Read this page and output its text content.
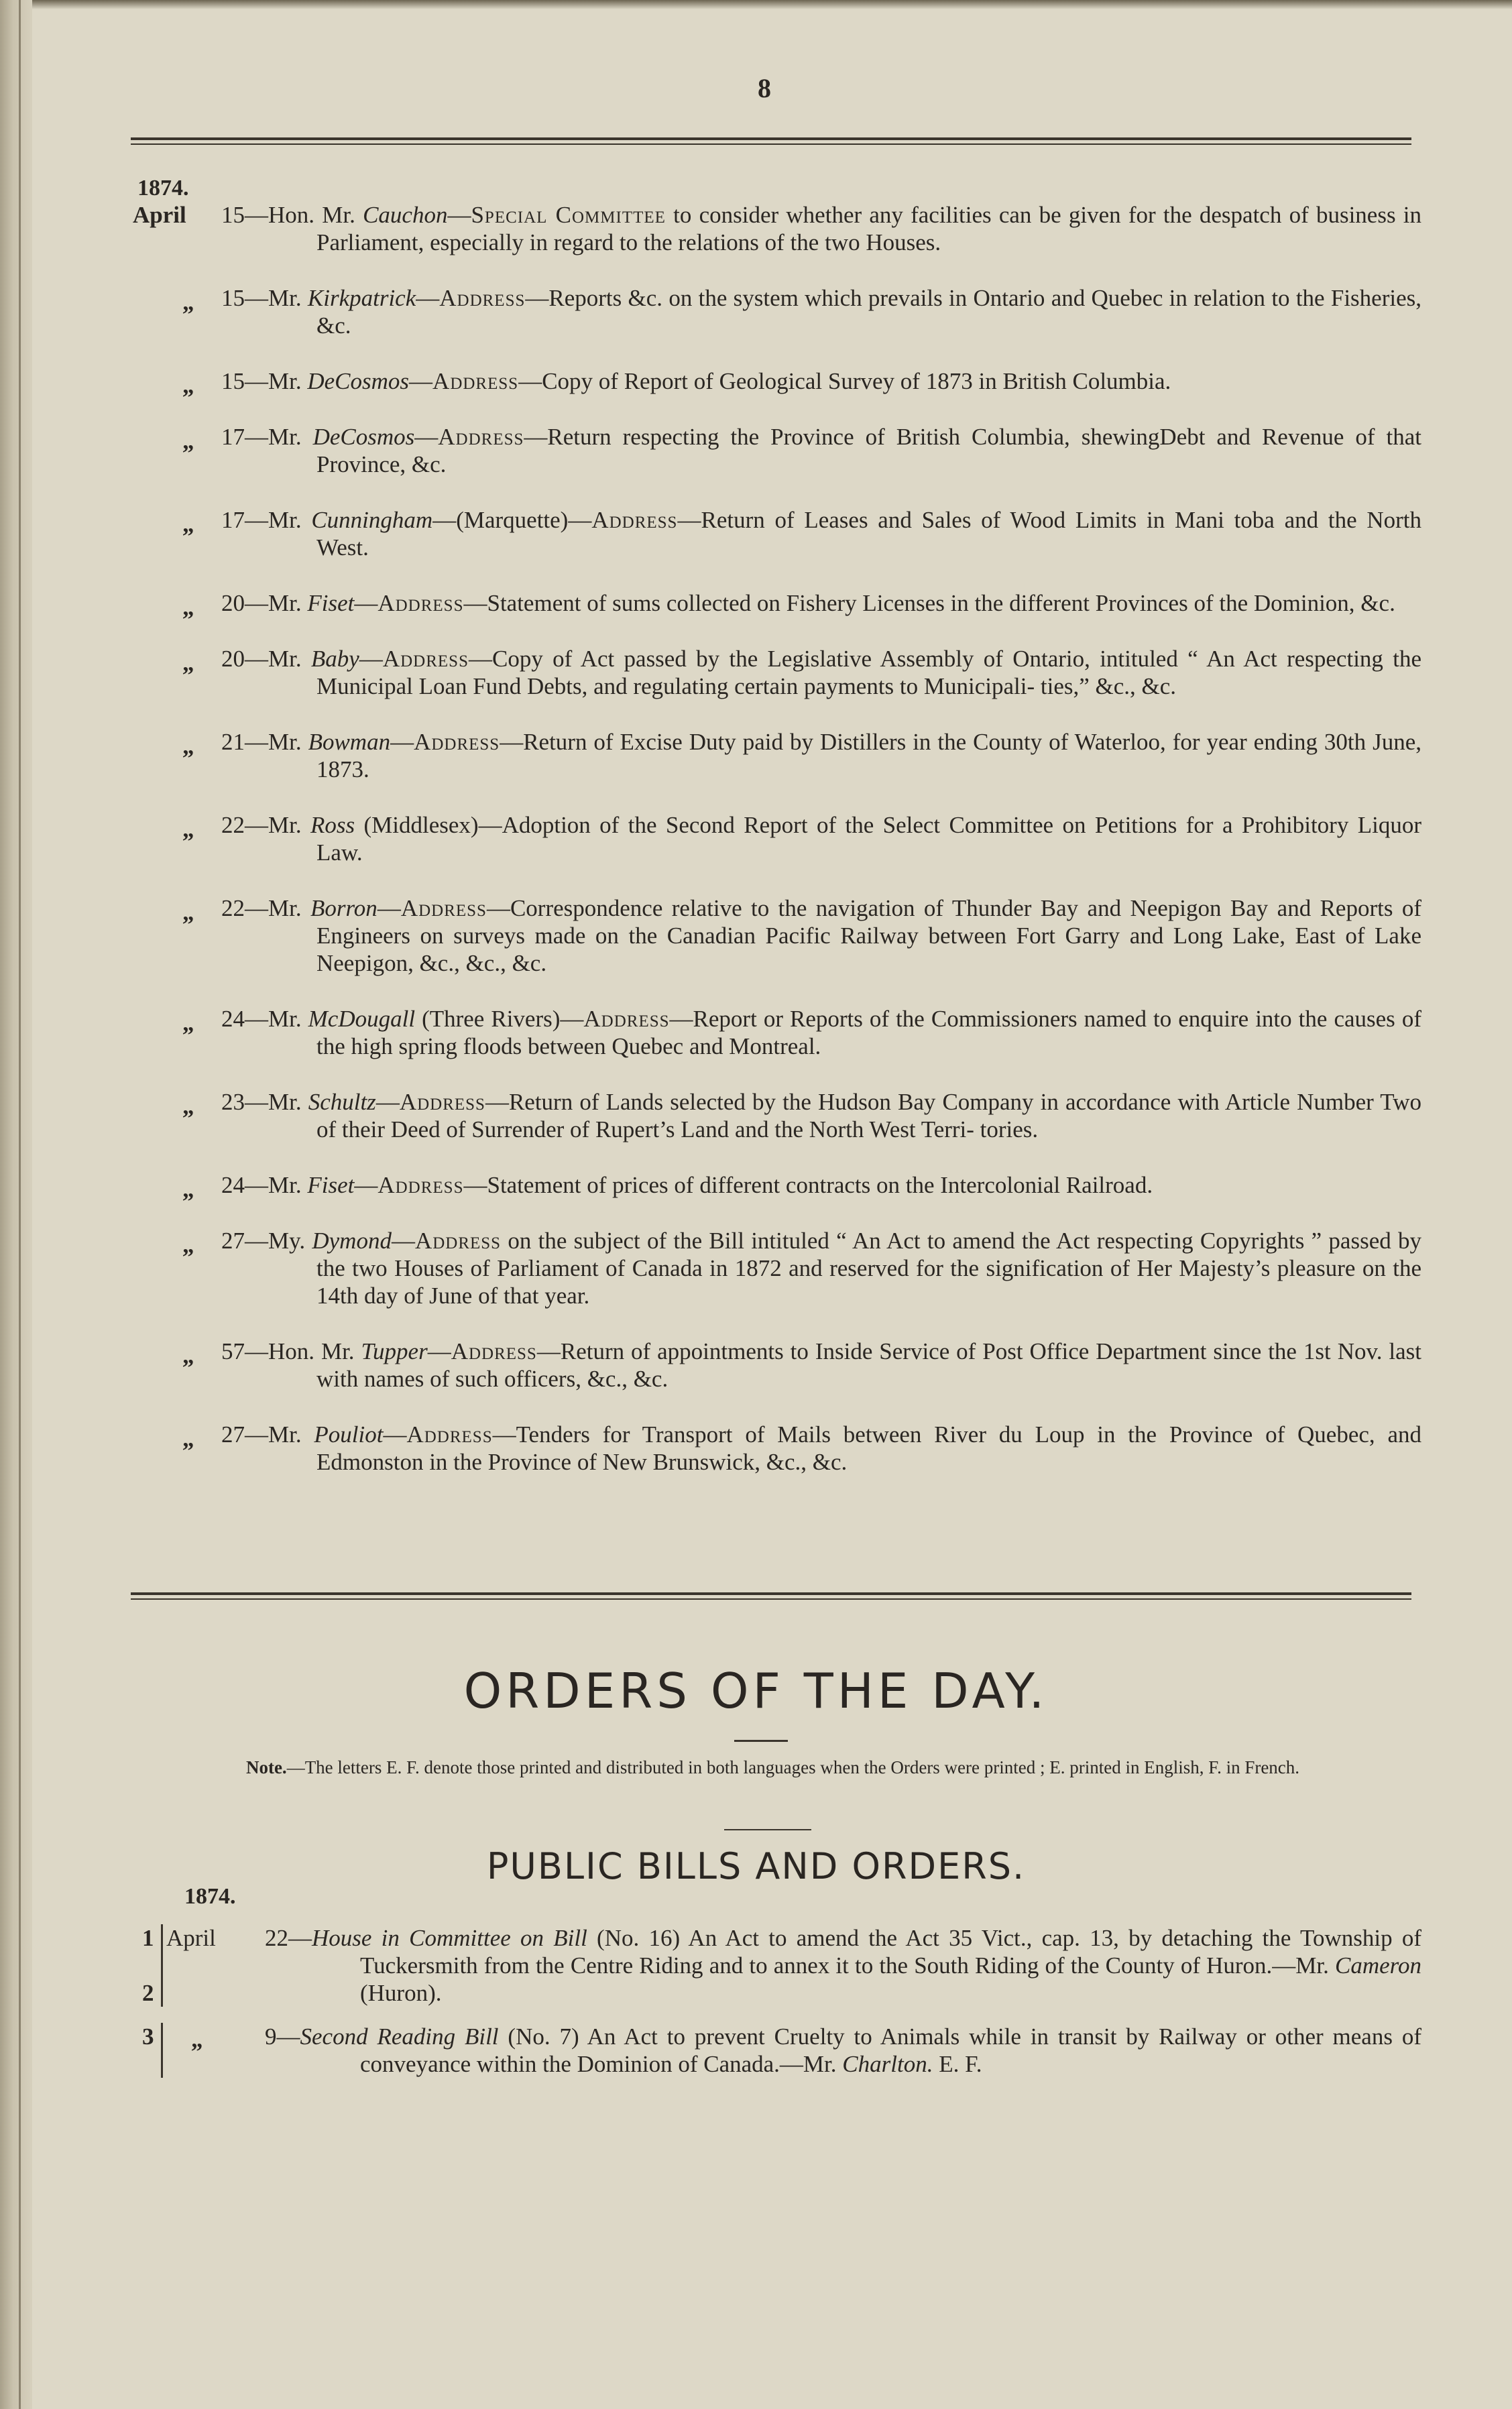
8
1874.
April 15—Hon. Mr. Cauchon—Special Committee to consider whether any facilities can be given for the despatch of business in Parliament, especially in regard to the relations of the two Houses.
„ 15—Mr. Kirkpatrick—Address—Reports &c. on the system which prevails in Ontario and Quebec in relation to the Fisheries, &c.
„ 15—Mr. DeCosmos—Address—Copy of Report of Geological Survey of 1873 in British Columbia.
„ 17—Mr. DeCosmos—Address—Return respecting the Province of British Columbia, shewingDebt and Revenue of that Province, &c.
„ 17—Mr. Cunningham—(Marquette)—Address—Return of Leases and Sales of Wood Limits in Mani toba and the North West.
„ 20—Mr. Fiset—Address—Statement of sums collected on Fishery Licenses in the different Provinces of the Dominion, &c.
„ 20—Mr. Baby—Address—Copy of Act passed by the Legislative Assembly of Ontario, intituled “ An Act respecting the Municipal Loan Fund Debts, and regulating certain payments to Municipali- ties,” &c., &c.
„ 21—Mr. Bowman—Address—Return of Excise Duty paid by Distillers in the County of Waterloo, for year ending 30th June, 1873.
„ 22—Mr. Ross (Middlesex)—Adoption of the Second Report of the Select Committee on Petitions for a Prohibitory Liquor Law.
„ 22—Mr. Borron—Address—Correspondence relative to the navigation of Thunder Bay and Neepigon Bay and Reports of Engineers on surveys made on the Canadian Pacific Railway between Fort Garry and Long Lake, East of Lake Neepigon, &c., &c., &c.
„ 24—Mr. McDougall (Three Rivers)—Address—Report or Reports of the Commissioners named to enquire into the causes of the high spring floods between Quebec and Montreal.
„ 23—Mr. Schultz—Address—Return of Lands selected by the Hudson Bay Company in accordance with Article Number Two of their Deed of Surrender of Rupert’s Land and the North West Terri- tories.
„ 24—Mr. Fiset—Address—Statement of prices of different contracts on the Intercolonial Railroad.
„ 27—My. Dymond—Address on the subject of the Bill intituled “ An Act to amend the Act respecting Copyrights ” passed by the two Houses of Parliament of Canada in 1872 and reserved for the signification of Her Majesty’s pleasure on the 14th day of June of that year.
„ 57—Hon. Mr. Tupper—Address—Return of appointments to Inside Service of Post Office Department since the 1st Nov. last with names of such officers, &c., &c.
„ 27—Mr. Pouliot—Address—Tenders for Transport of Mails between River du Loup in the Province of Quebec, and Edmonston in the Province of New Brunswick, &c., &c.
ORDERS OF THE DAY.
Note.—The letters E. F. denote those printed and distributed in both languages when the Orders were printed ; E. printed in English, F. in French.
PUBLIC BILLS AND ORDERS.
1874.
1
2
April 22—House in Committee on Bill (No. 16) An Act to amend the Act 35 Vict., cap. 13, by detaching the Township of Tuckersmith from the Centre Riding and to annex it to the South Riding of the County of Huron.—Mr. Cameron (Huron).
3 „	9—Second Reading Bill (No. 7) An Act to prevent Cruelty to Animals while in transit by Railway or other means of conveyance within the Dominion of Canada.—Mr. Charlton. E. F.
